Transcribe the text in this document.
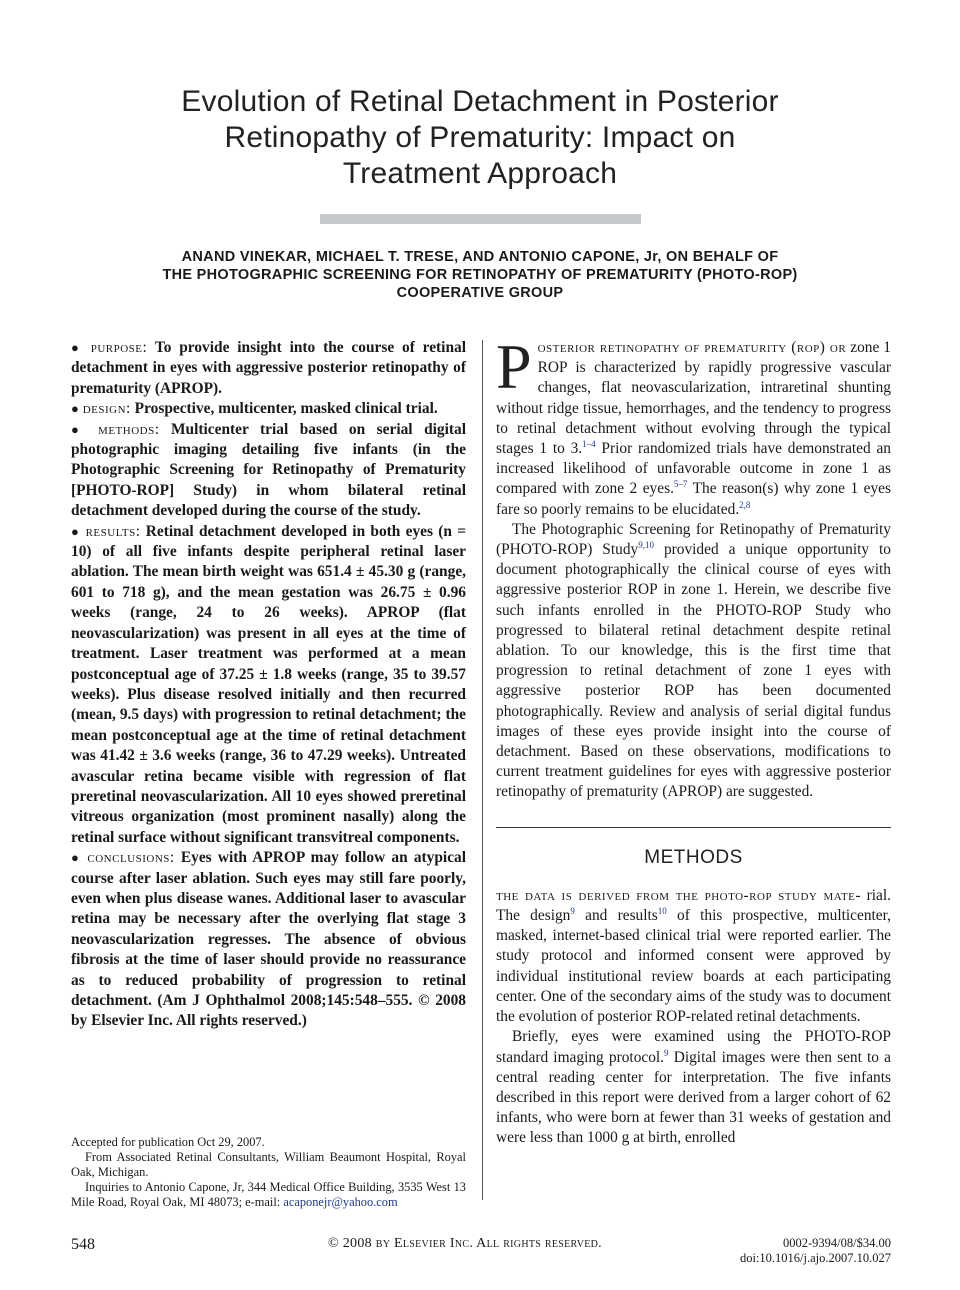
Evolution of Retinal Detachment in Posterior
Retinopathy of Prematurity: Impact on
Treatment Approach
ANAND VINEKAR, MICHAEL T. TRESE, AND ANTONIO CAPONE, Jr, ON BEHALF OF
THE PHOTOGRAPHIC SCREENING FOR RETINOPATHY OF PREMATURITY (PHOTO-ROP)
COOPERATIVE GROUP

● purpose: To provide insight into the course of retinal detachment in eyes with aggressive posterior retinopathy of prematurity (APROP).

● design: Prospective, multicenter, masked clinical trial.

● methods: Multicenter trial based on serial digital photographic imaging detailing five infants (in the Photographic Screening for Retinopathy of Prematurity [PHOTO-ROP] Study) in whom bilateral retinal detachment developed during the course of the study.

● results: Retinal detachment developed in both eyes (n = 10) of all five infants despite peripheral retinal laser ablation. The mean birth weight was 651.4 ± 45.30 g (range, 601 to 718 g), and the mean gestation was 26.75 ± 0.96 weeks (range, 24 to 26 weeks). APROP (flat neovascularization) was present in all eyes at the time of treatment. Laser treatment was performed at a mean postconceptual age of 37.25 ± 1.8 weeks (range, 35 to 39.57 weeks). Plus disease resolved initially and then recurred (mean, 9.5 days) with progression to retinal detachment; the mean postconceptual age at the time of retinal detachment was 41.42 ± 3.6 weeks (range, 36 to 47.29 weeks). Untreated avascular retina became visible with regression of flat preretinal neovascularization. All 10 eyes showed preretinal vitreous organization (most prominent nasally) along the retinal surface without significant transvitreal components.

● conclusions: Eyes with APROP may follow an atypical course after laser ablation. Such eyes may still fare poorly, even when plus disease wanes. Additional laser to avascular retina may be necessary after the overlying flat stage 3 neovascularization regresses. The absence of obvious fibrosis at the time of laser should provide no reassurance as to reduced probability of progression to retinal detachment. (Am J Ophthalmol 2008;145:548–555. © 2008 by Elsevier Inc. All rights reserved.)

Accepted for publication Oct 29, 2007.

From Associated Retinal Consultants, William Beaumont Hospital, Royal Oak, Michigan.

Inquiries to Antonio Capone, Jr, 344 Medical Office Building, 3535 West 13 Mile Road, Royal Oak, MI 48073; e-mail: acaponejr@yahoo.com

Posterior retinopathy of prematurity (rop) or zone 1 ROP is characterized by rapidly progressive vascular changes, flat neovascularization, intraretinal shunting without ridge tissue, hemorrhages, and the tendency to progress to retinal detachment without evolving through the typical stages 1 to 3.$^{1-4}$ Prior randomized trials have demonstrated an increased likelihood of unfavorable outcome in zone 1 as compared with zone 2 eyes.$^{5-7}$ The reason(s) why zone 1 eyes fare so poorly remains to be elucidated.$^{2,8}$

The Photographic Screening for Retinopathy of Prematurity (PHOTO-ROP) Study$^{9,10}$ provided a unique opportunity to document photographically the clinical course of eyes with aggressive posterior ROP in zone 1. Herein, we describe five such infants enrolled in the PHOTO-ROP Study who progressed to bilateral retinal detachment despite retinal ablation. To our knowledge, this is the first time that progression to retinal detachment of zone 1 eyes with aggressive posterior ROP has been documented photographically. Review and analysis of serial digital fundus images of these eyes provide insight into the course of detachment. Based on these observations, modifications to current treatment guidelines for eyes with aggressive posterior retinopathy of prematurity (APROP) are suggested.

METHODS

the data is derived from the photo-rop study mate- rial. The design$^9$ and results$^{10}$ of this prospective, multicenter, masked, internet-based clinical trial were reported earlier. The study protocol and informed consent were approved by individual institutional review boards at each participating center. One of the secondary aims of the study was to document the evolution of posterior ROP-related retinal detachments.

Briefly, eyes were examined using the PHOTO-ROP standard imaging protocol.$^9$ Digital images were then sent to a central reading center for interpretation. The five infants described in this report were derived from a larger cohort of 62 infants, who were born at fewer than 31 weeks of gestation and were less than 1000 g at birth, enrolled

548	© 2008 by Elsevier Inc. All rights reserved.	0002-9394/08/$34.00
doi:10.1016/j.ajo.2007.10.027
